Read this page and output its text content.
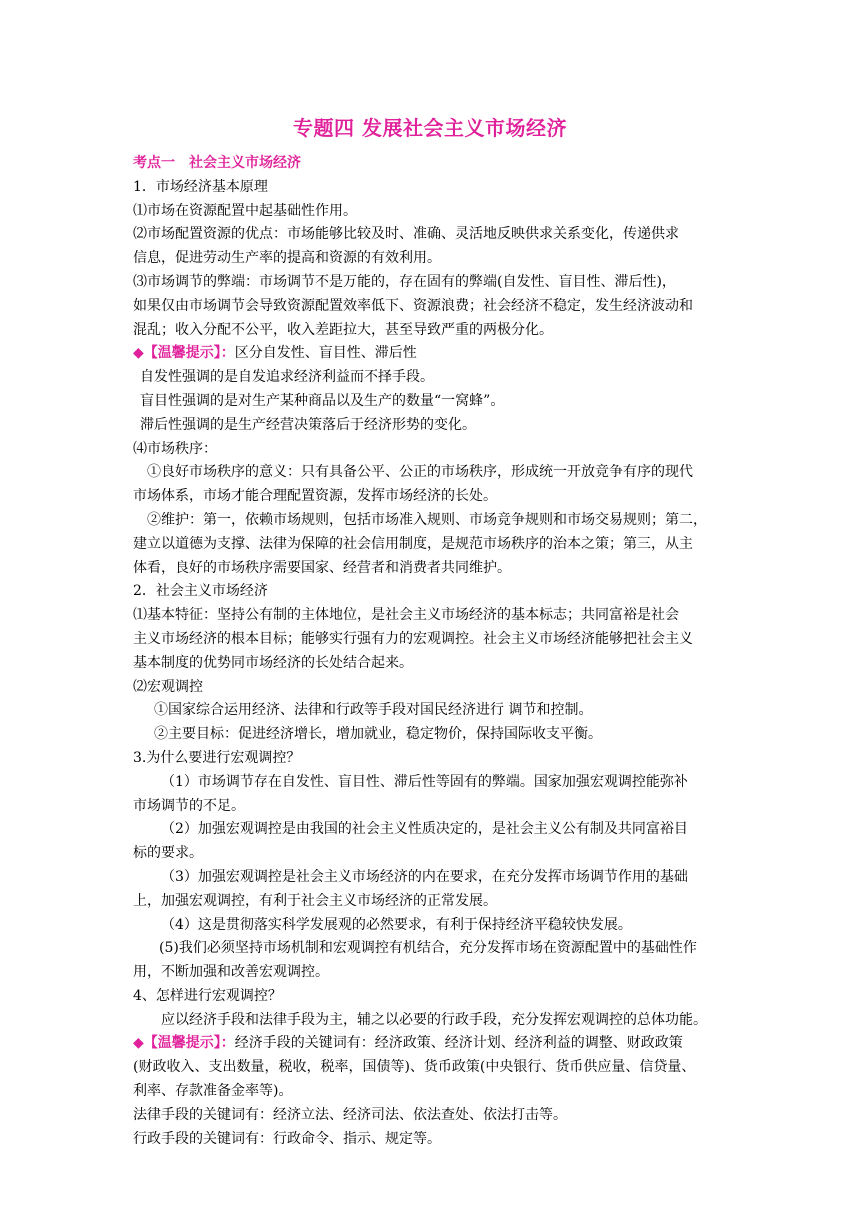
专题四 发展社会主义市场经济
考点一　社会主义市场经济
1．市场经济基本原理
⑴市场在资源配置中起基础性作用。
⑵市场配置资源的优点：市场能够比较及时、准确、灵活地反映供求关系变化，传递供求
信息，促进劳动生产率的提高和资源的有效利用。
⑶市场调节的弊端：市场调节不是万能的，存在固有的弊端(自发性、盲目性、滞后性)，
如果仅由市场调节会导致资源配置效率低下、资源浪费；社会经济不稳定，发生经济波动和
混乱；收入分配不公平，收入差距拉大，甚至导致严重的两极分化。
◆【温馨提示】：区分自发性、盲目性、滞后性
自发性强调的是自发追求经济利益而不择手段。
盲目性强调的是对生产某种商品以及生产的数量“一窝蜂”。
滞后性强调的是生产经营决策落后于经济形势的变化。
⑷市场秩序：
①良好市场秩序的意义：只有具备公平、公正的市场秩序，形成统一开放竞争有序的现代
市场体系，市场才能合理配置资源，发挥市场经济的长处。
②维护：第一，依赖市场规则，包括市场准入规则、市场竞争规则和市场交易规则；第二，
建立以道德为支撑、法律为保障的社会信用制度，是规范市场秩序的治本之策；第三，从主
体看，良好的市场秩序需要国家、经营者和消费者共同维护。
2．社会主义市场经济
⑴基本特征：坚持公有制的主体地位，是社会主义市场经济的基本标志；共同富裕是社会
主义市场经济的根本目标；能够实行强有力的宏观调控。社会主义市场经济能够把社会主义
基本制度的优势同市场经济的长处结合起来。
⑵宏观调控
①国家综合运用经济、法律和行政等手段对国民经济进行 调节和控制。
②主要目标：促进经济增长，增加就业，稳定物价，保持国际收支平衡。
3.为什么要进行宏观调控？
（1）市场调节存在自发性、盲目性、滞后性等固有的弊端。国家加强宏观调控能弥补
市场调节的不足。
（2）加强宏观调控是由我国的社会主义性质决定的，是社会主义公有制及共同富裕目
标的要求。
（3）加强宏观调控是社会主义市场经济的内在要求，在充分发挥市场调节作用的基础
上，加强宏观调控，有利于社会主义市场经济的正常发展。
（4）这是贯彻落实科学发展观的必然要求，有利于保持经济平稳较快发展。
(5)我们必须坚持市场机制和宏观调控有机结合，充分发挥市场在资源配置中的基础性作
用，不断加强和改善宏观调控。
4、怎样进行宏观调控？
应以经济手段和法律手段为主，辅之以必要的行政手段，充分发挥宏观调控的总体功能。
◆【温馨提示】：经济手段的关键词有：经济政策、经济计划、经济利益的调整、财政政策
(财政收入、支出数量，税收，税率，国债等)、货币政策(中央银行、货币供应量、信贷量、
利率、存款准备金率等)。
法律手段的关键词有：经济立法、经济司法、依法查处、依法打击等。
行政手段的关键词有：行政命令、指示、规定等。
